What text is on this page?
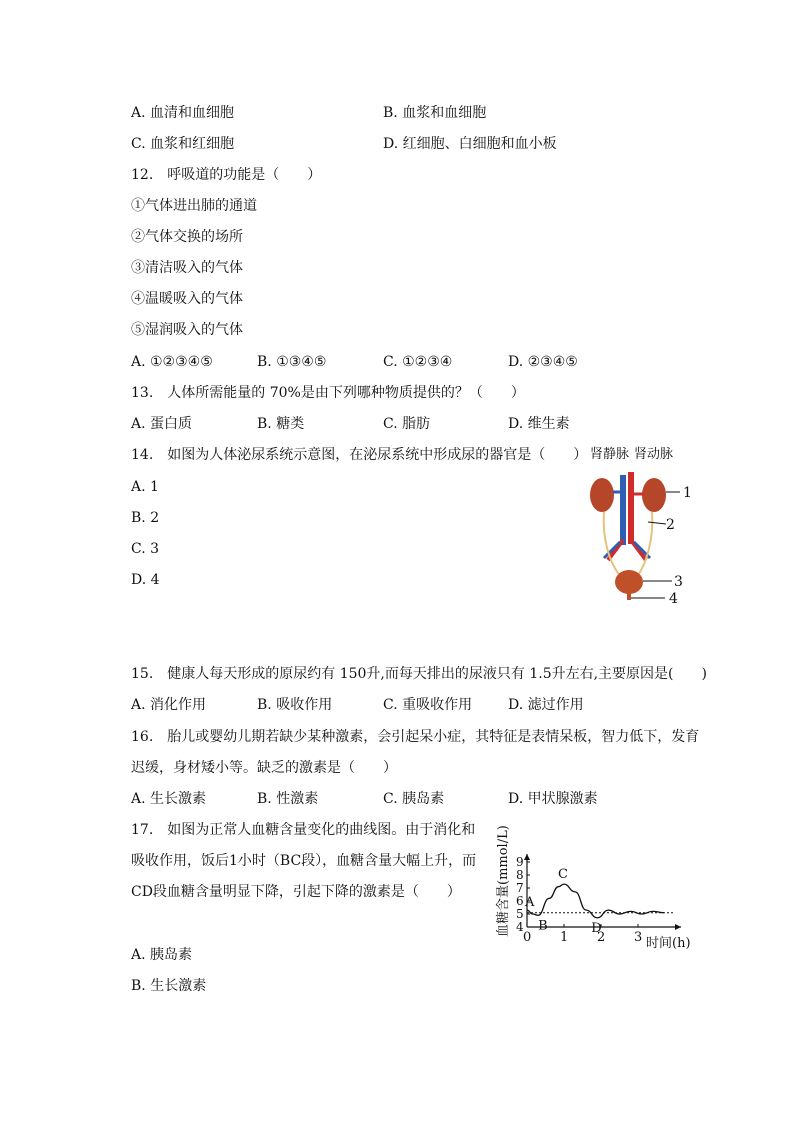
A. 血清和血细胞	B. 血浆和血细胞
C. 血浆和红细胞	D. 红细胞、白细胞和血小板
12.　呼吸道的功能是（　　）
①气体进出肺的通道
②气体交换的场所
③清洁吸入的气体
④温暖吸入的气体
⑤湿润吸入的气体
A. ①②③④⑤	B. ①③④⑤	C. ①②③④	D. ②③④⑤
13.　人体所需能量的 70%是由下列哪种物质提供的？（　　）
A. 蛋白质	B. 糖类	C. 脂肪	D. 维生素
14.　如图为人体泌尿系统示意图，在泌尿系统中形成尿的器官是（　　）
A. 1
B. 2
C. 3
D. 4
肾静脉 肾动脉
1
2
3
4
15.　健康人每天形成的原尿约有 150升,而每天排出的尿液只有 1.5升左右,主要原因是(　　)
A. 消化作用	B. 吸收作用	C. 重吸收作用	D. 滤过作用
16.　胎儿或婴幼儿期若缺少某种激素，会引起呆小症，其特征是表情呆板，智力低下，发育
迟缓，身材矮小等。缺乏的激素是（　　）
A. 生长激素	B. 性激素	C. 胰岛素	D. 甲状腺激素
17.　如图为正常人血糖含量变化的曲线图。由于消化和
吸收作用，饭后1小时（BC段），血糖含量大幅上升，而
CD段血糖含量明显下降，引起下降的激素是（　　）
A. 胰岛素
B. 生长激素
0 1 2 3
4
5
6
7
8
9
A
B
C
D
血糖含量(mmol/L)
时间(h)
